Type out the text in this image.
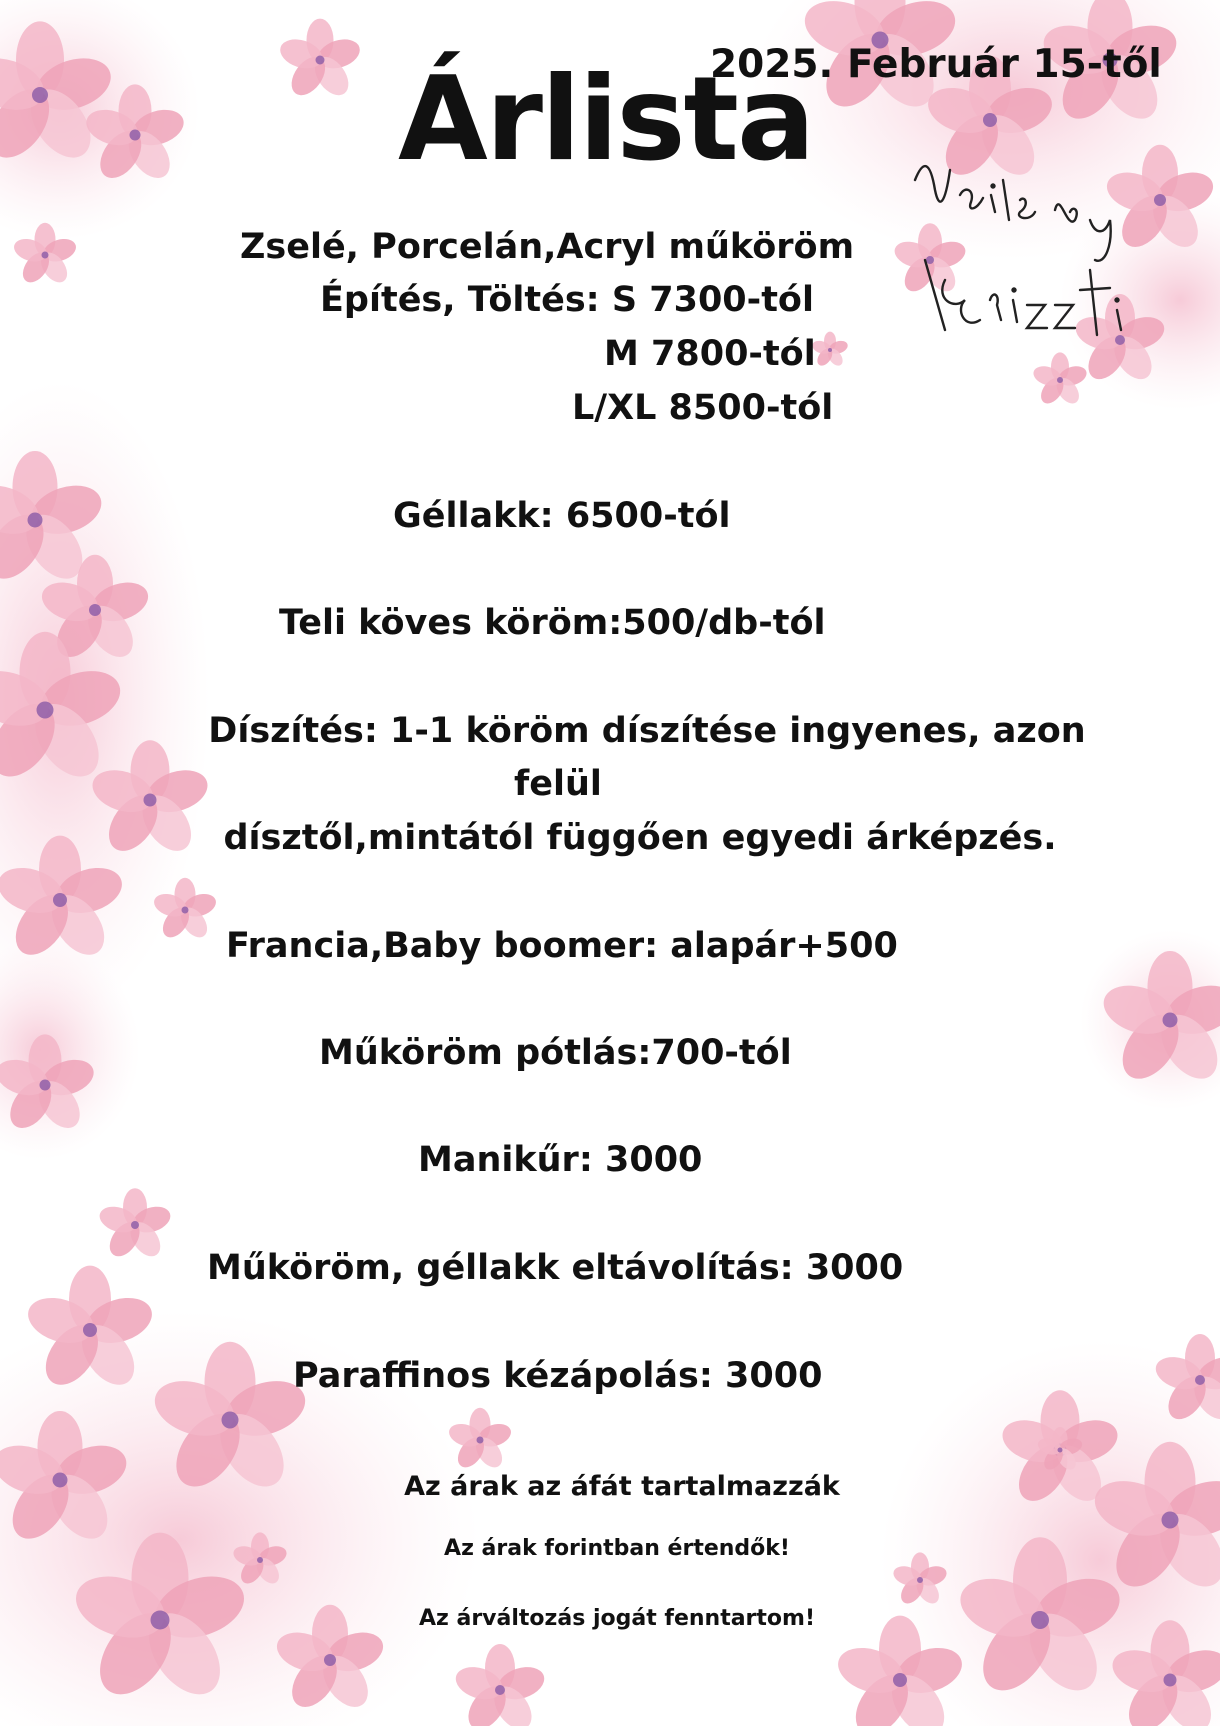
2025. Február 15-től

Árlista

Zselé, Porcelán,Acryl műköröm

Építés, Töltés: S 7300-tól

M 7800-tól

L/XL 8500-tól

Géllakk: 6500-tól

Teli köves köröm:500/db-tól

Díszítés: 1-1 köröm díszítése ingyenes, azon

felül

dísztől,mintától függően egyedi árképzés.

Francia,Baby boomer: alapár+500

Műköröm pótlás:700-tól

Manikűr: 3000

Műköröm, géllakk eltávolítás: 3000

Paraffinos kézápolás: 3000

Az árak az áfát tartalmazzák

Az árak forintban értendők!

Az árváltozás jogát fenntartom!
